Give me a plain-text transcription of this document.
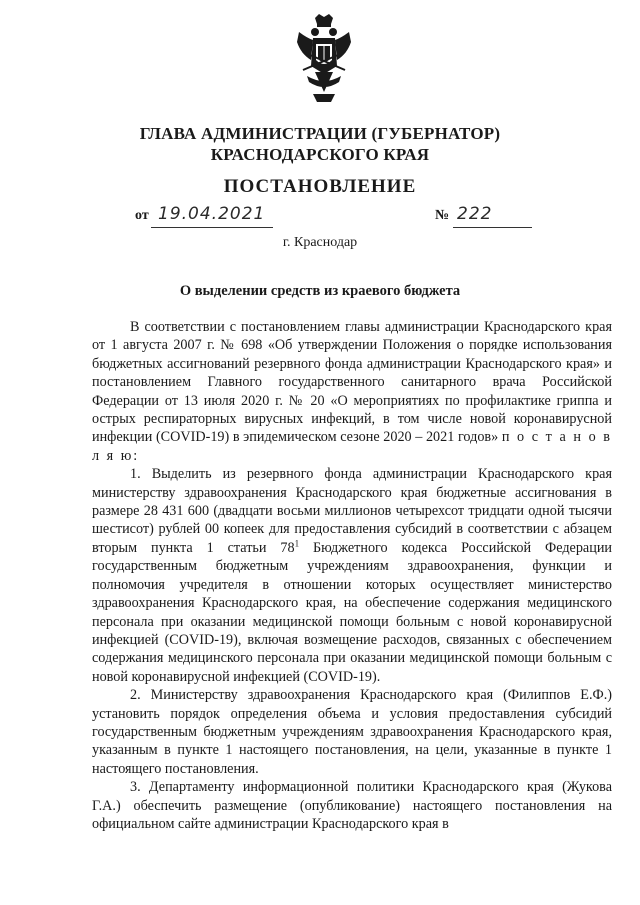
ГЛАВА АДМИНИСТРАЦИИ (ГУБЕРНАТОР)

КРАСНОДАРСКОГО КРАЯ

ПОСТАНОВЛЕНИЕ

от 19.04.2021	№ 222

г. Краснодар

О выделении средств из краевого бюджета

В соответствии с постановлением главы администрации Краснодарского края от 1 августа 2007 г. № 698 «Об утверждении Положения о порядке использования бюджетных ассигнований резервного фонда администрации Краснодарского края» и постановлением Главного государственного санитарного врача Российской Федерации от 13 июля 2020 г. № 20 «О мероприятиях по профилактике гриппа и острых респираторных вирусных инфекций, в том числе новой коронавирусной инфекции (COVID-19) в эпидемическом сезоне 2020 – 2021 годов» п о с т а н о в л я ю:

1. Выделить из резервного фонда администрации Краснодарского края министерству здравоохранения Краснодарского края бюджетные ассигнования в размере 28 431 600 (двадцати восьми миллионов четырехсот тридцати одной тысячи шестисот) рублей 00 копеек для предоставления субсидий в соответствии с абзацем вторым пункта 1 статьи $78^1$ Бюджетного кодекса Российской Федерации государственным бюджетным учреждениям здравоохранения, функции и полномочия учредителя в отношении которых осуществляет министерство здравоохранения Краснодарского края, на обеспечение содержания медицинского персонала при оказании медицинской помощи больным с новой коронавирусной инфекцией (COVID-19), включая возмещение расходов, связанных с обеспечением содержания медицинского персонала при оказании медицинской помощи больным с новой коронавирусной инфекцией (COVID-19).

2. Министерству здравоохранения Краснодарского края (Филиппов Е.Ф.) установить порядок определения объема и условия предоставления субсидий государственным бюджетным учреждениям здравоохранения Краснодарского края, указанным в пункте 1 настоящего постановления, на цели, указанные в пункте 1 настоящего постановления.

3. Департаменту информационной политики Краснодарского края (Жукова Г.А.) обеспечить размещение (опубликование) настоящего постановления на официальном сайте администрации Краснодарского края в
